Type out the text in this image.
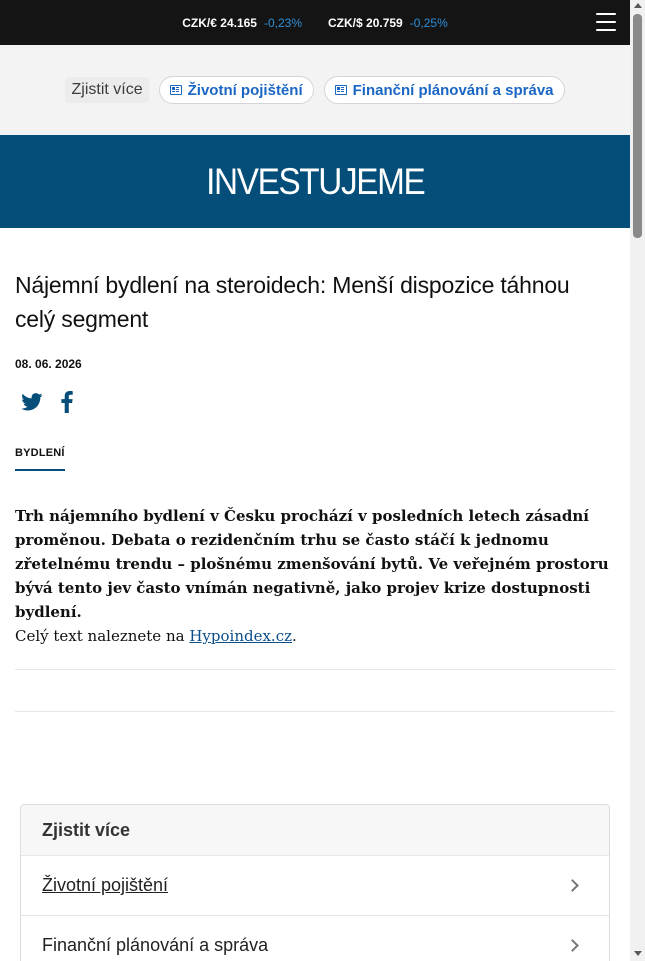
CZK/€
24.165 -0,23% CZK/$
20.759 -0,25%
Zjistit více	Životní pojištění	Finanční plánování a správa
INVESTUJEME
Nájemní bydlení na steroidech: Menší dispozice táhnou celý segment
08. 06. 2026
BYDLENÍ

Trh nájemního bydlení v Česku prochází v posledních letech zásadní proměnou. Debata o rezidenčním trhu se často stáčí k jednomu zřetelnému trendu – plošnému zmenšování bytů. Ve veřejném prostoru bývá tento jev často vnímán negativně, jako projev krize dostupnosti bydlení.

Celý text naleznete na Hypoindex.cz.

Zjistit více
Životní pojištění
Finanční plánování a správa
